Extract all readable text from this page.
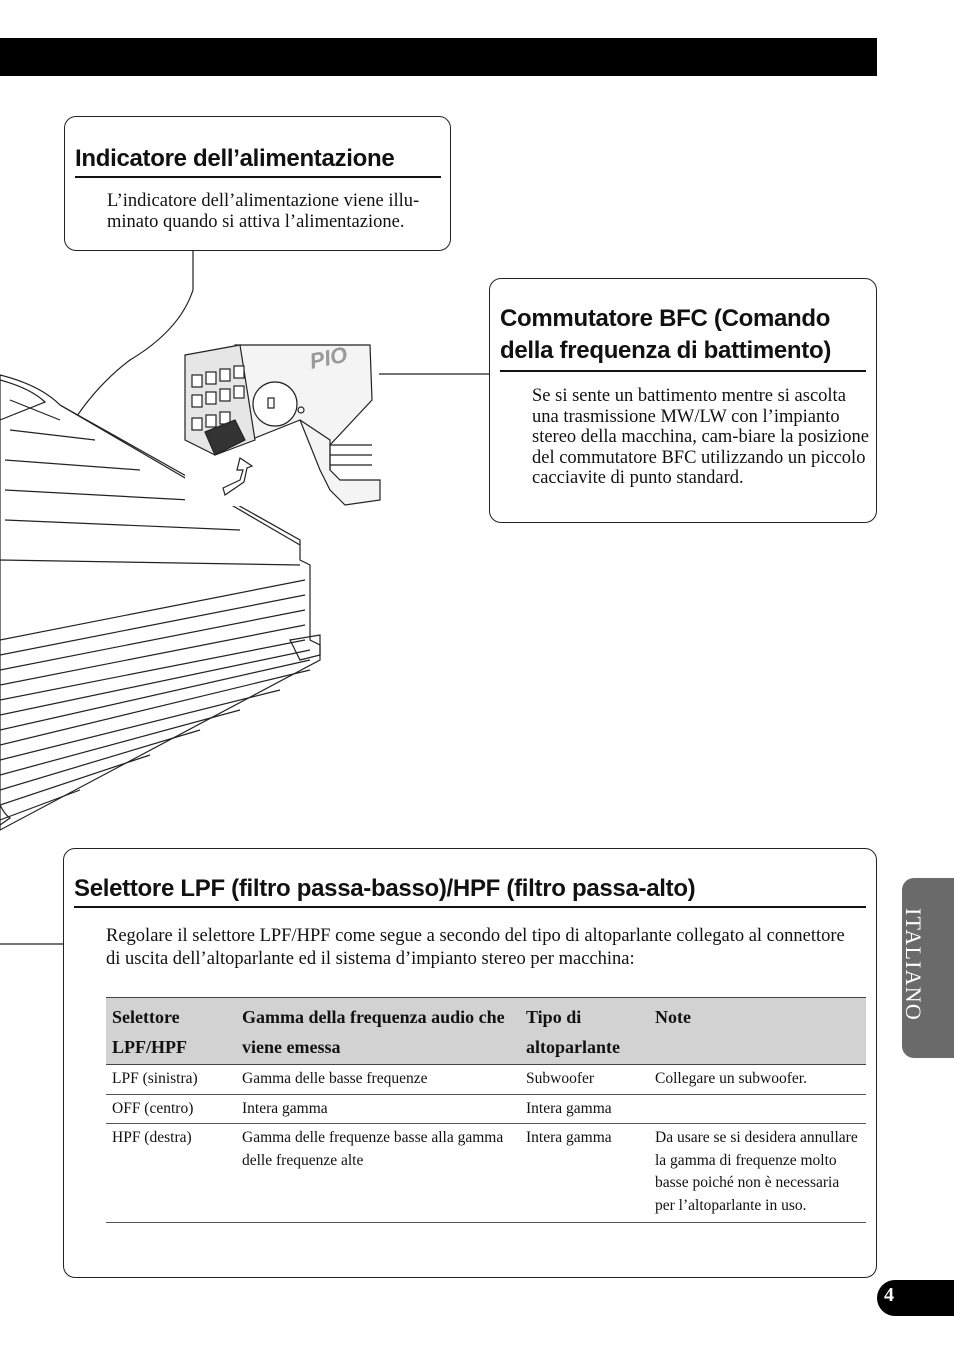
PIO
Indicatore dell’alimentazione

L’indicatore dell’alimentazione viene illu-minato quando si attiva l’alimentazione.

Commutatore BFC (Comando della frequenza di battimento)

Se si sente un battimento mentre si ascolta una trasmissione MW/LW con l’impianto stereo della macchina, cam-biare la posizione del commutatore BFC utilizzando un piccolo cacciavite di punto standard.

Selettore LPF (filtro passa-basso)/HPF (filtro passa-alto)

Regolare il selettore LPF/HPF come segue a secondo del tipo di altoparlante collegato al connettore di uscita dell’altoparlante ed il sistema d’impianto stereo per macchina:

Selettore LPF/HPF	Gamma della frequenza audio che viene emessa	Tipo di altoparlante	Note
LPF (sinistra)	Gamma delle basse frequenze	Subwoofer	Collegare un subwoofer.
OFF (centro)	Intera gamma	Intera gamma	
HPF (destra)	Gamma delle frequenze basse alla gamma delle frequenze alte	Intera gamma	Da usare se si desidera annullare la gamma di frequenze molto basse poiché non è necessaria per l’altoparlante in uso.
ITALIANO
4
